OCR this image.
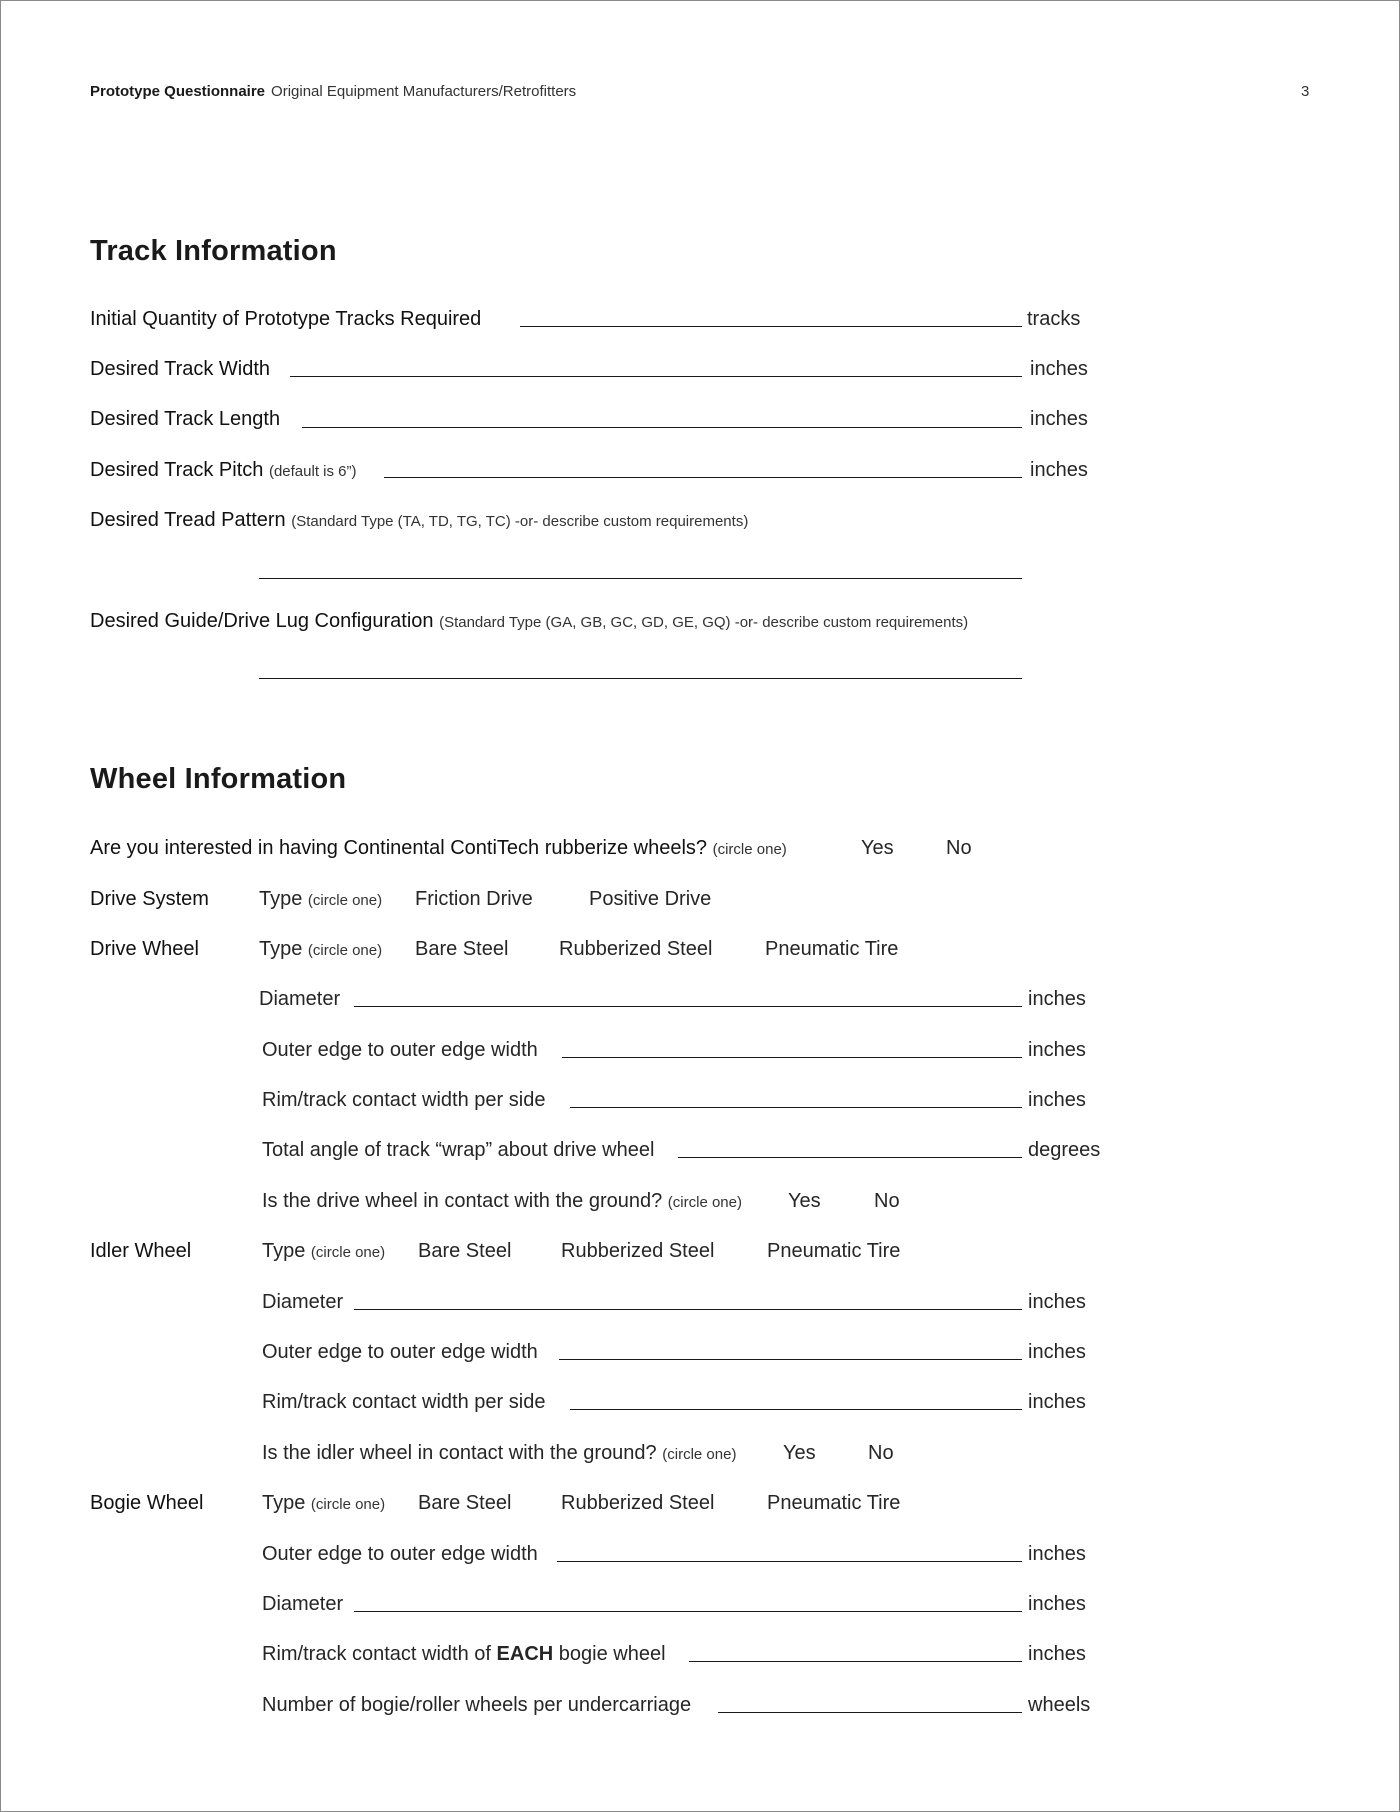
Prototype Questionnaire Original Equipment Manufacturers/Retrofitters	3
Track Information
Initial Quantity of Prototype Tracks Required	tracks
Desired Track Width	inches
Desired Track Length	inches
Desired Track Pitch (default is 6”)	inches
Desired Tread Pattern (Standard Type (TA, TD, TG, TC) -or- describe custom requirements)
Desired Guide/Drive Lug Configuration (Standard Type (GA, GB, GC, GD, GE, GQ) -or- describe custom requirements)
Wheel Information
Are you interested in having Continental ContiTech rubberize wheels? (circle one)	Yes	No
Drive System	Type (circle one) Friction Drive	Positive Drive
Drive Wheel	Type (circle one) Bare Steel	Rubberized Steel	Pneumatic Tire
Diameter	inches
Outer edge to outer edge width	inches
Rim/track contact width per side	inches
Total angle of track “wrap” about drive wheel	degrees
Is the drive wheel in contact with the ground? (circle one) Yes	No
Idler Wheel	Type (circle one) Bare Steel Rubberized Steel	Pneumatic Tire
Diameter	inches
Outer edge to outer edge width	inches
Rim/track contact width per side	inches
Is the idler wheel in contact with the ground? (circle one) Yes	No
Bogie Wheel	Type (circle one) Bare Steel Rubberized Steel	Pneumatic Tire
Outer edge to outer edge width	inches
Diameter	inches
Rim/track contact width of EACH bogie wheel	inches
Number of bogie/roller wheels per undercarriage	wheels
